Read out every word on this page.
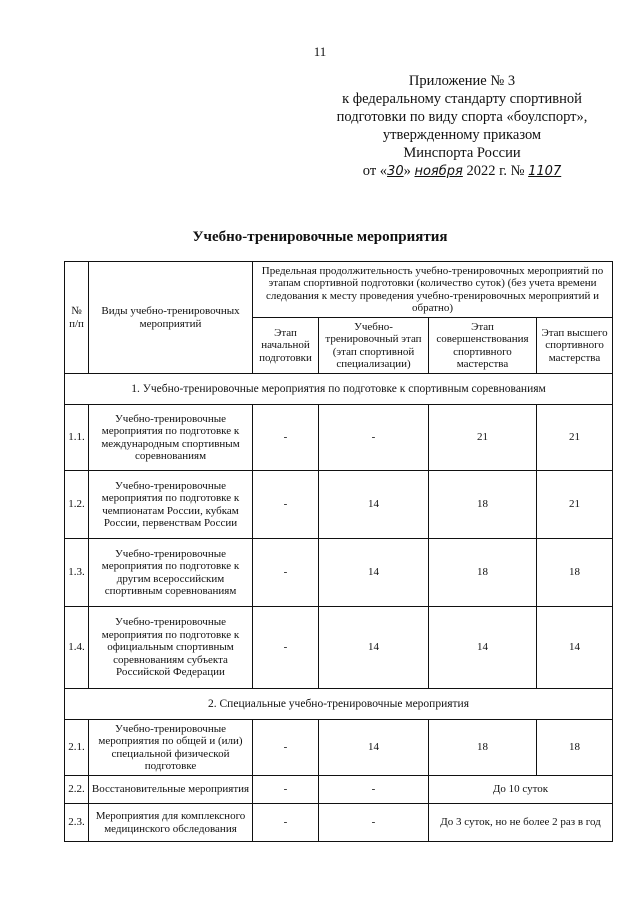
11
Приложение № 3
к федеральному стандарту спортивной
подготовки по виду спорта «боулспорт»,
утвержденному приказом
Минспорта России
от «30» ноября 2022 г. № 1107
Учебно-тренировочные мероприятия
№ п/п	Виды учебно-тренировочных мероприятий	Предельная продолжительность учебно-тренировочных мероприятий по этапам спортивной подготовки (количество суток) (без учета времени следования к месту проведения учебно-тренировочных мероприятий и обратно)			
		Этап начальной подготовки	Учебно-тренировочный этап (этап спортивной специализации)	Этап совершенствования спортивного мастерства	Этап высшего спортивного мастерства
1. Учебно-тренировочные мероприятия по подготовке к спортивным соревнованиям					
1.1.	Учебно-тренировочные мероприятия по подготовке к международным спортивным соревнованиям	-	-	21	21
1.2.	Учебно-тренировочные мероприятия по подготовке к чемпионатам России, кубкам России, первенствам России	-	14	18	21
1.3.	Учебно-тренировочные мероприятия по подготовке к другим всероссийским спортивным соревнованиям	-	14	18	18
1.4.	Учебно-тренировочные мероприятия по подготовке к официальным спортивным соревнованиям субъекта Российской Федерации	-	14	14	14
2. Специальные учебно-тренировочные мероприятия					
2.1.	Учебно-тренировочные мероприятия по общей и (или) специальной физической подготовке	-	14	18	18
2.2.	Восстановительные мероприятия	-	-	До 10 суток	
2.3.	Мероприятия для комплексного медицинского обследования	-	-	До 3 суток, но не более 2 раз в год	
